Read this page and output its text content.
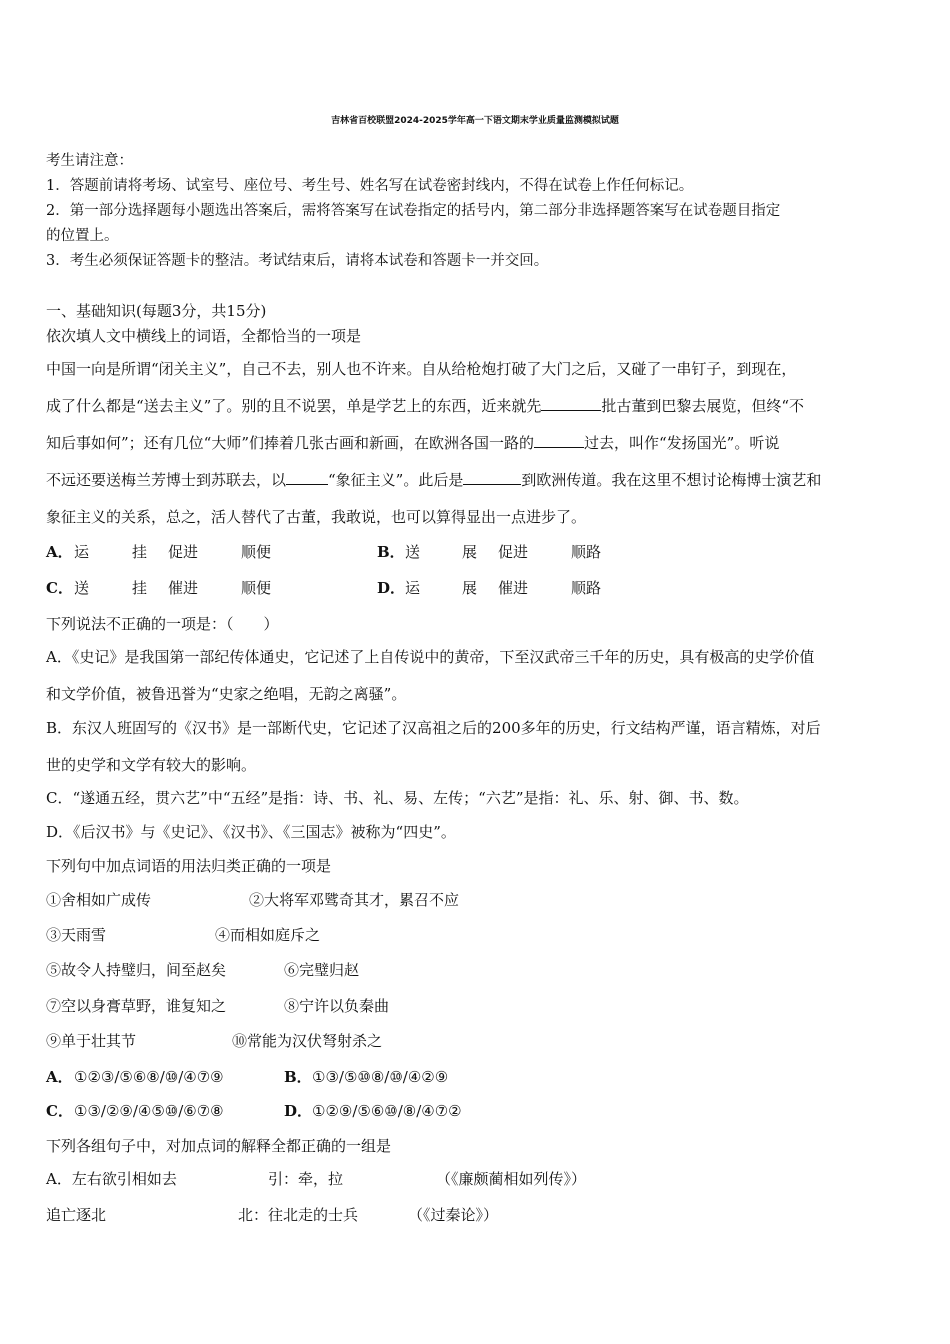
吉林省百校联盟2024-2025学年高一下语文期末学业质量监测模拟试题
考生请注意：
1．答题前请将考场、试室号、座位号、考生号、姓名写在试卷密封线内，不得在试卷上作任何标记。
2．第一部分选择题每小题选出答案后，需将答案写在试卷指定的括号内，第二部分非选择题答案写在试卷题目指定
的位置上。
3．考生必须保证答题卡的整洁。考试结束后，请将本试卷和答题卡一并交回。
一、基础知识(每题3分，共15分)
依次填人文中横线上的词语，全都恰当的一项是
中国一向是所谓“闭关主义”，自己不去，别人也不许来。自从给枪炮打破了大门之后，又碰了一串钉子，到现在，
成了什么都是“送去主义”了。别的且不说罢，单是学艺上的东西，近来就先	批古董到巴黎去展览，但终“不
知后事如何”；还有几位“大师”们捧着几张古画和新画，在欧洲各国一路的	过去，叫作“发扬国光”。听说
不远还要送梅兰芳博士到苏联去，以	“象征主义”。此后是	到欧洲传道。我在这里不想讨论梅博士演艺和
象征主义的关系，总之，活人替代了古董，我敢说，也可以算得显出一点进步了。
A． 运	挂 促进	顺便	B． 送	展 促进	顺路
C． 送	挂 催进	顺便	D． 运	展 催进	顺路
下列说法不正确的一项是：（　　）
A．《史记》是我国第一部纪传体通史，它记述了上自传说中的黄帝，下至汉武帝三千年的历史，具有极高的史学价值
和文学价值，被鲁迅誉为“史家之绝唱，无韵之离骚”。
B．东汉人班固写的《汉书》是一部断代史，它记述了汉高祖之后的200多年的历史，行文结构严谨，语言精炼，对后
世的史学和文学有较大的影响。
C．“遂通五经，贯六艺”中“五经”是指：诗、书、礼、易、左传；“六艺”是指：礼、乐、射、御、书、数。
D．《后汉书》与《史记》、《汉书》、《三国志》被称为“四史”。
下列句中加点词语的用法归类正确的一项是
①舍相如广成传	②大将军邓骘奇其才，累召不应
③天雨雪	④而相如庭斥之
⑤故令人持璧归，间至赵矣	⑥完璧归赵
⑦空以身膏草野，谁复知之	⑧宁许以负秦曲
⑨单于壮其节	⑩常能为汉伏弩射杀之
A． ①②③/⑤⑥⑧/⑩/④⑦⑨	B． ①③/⑤⑩⑧/⑩/④②⑨
C． ①③/②⑨/④⑤⑩/⑥⑦⑧	D． ①②⑨/⑤⑥⑩/⑧/④⑦②
下列各组句子中，对加点词的解释全都正确的一组是
A．左右欲引相如去	引：牵，拉	（《廉颇蔺相如列传》）
追亡逐北	北：往北走的士兵	（《过秦论》）
